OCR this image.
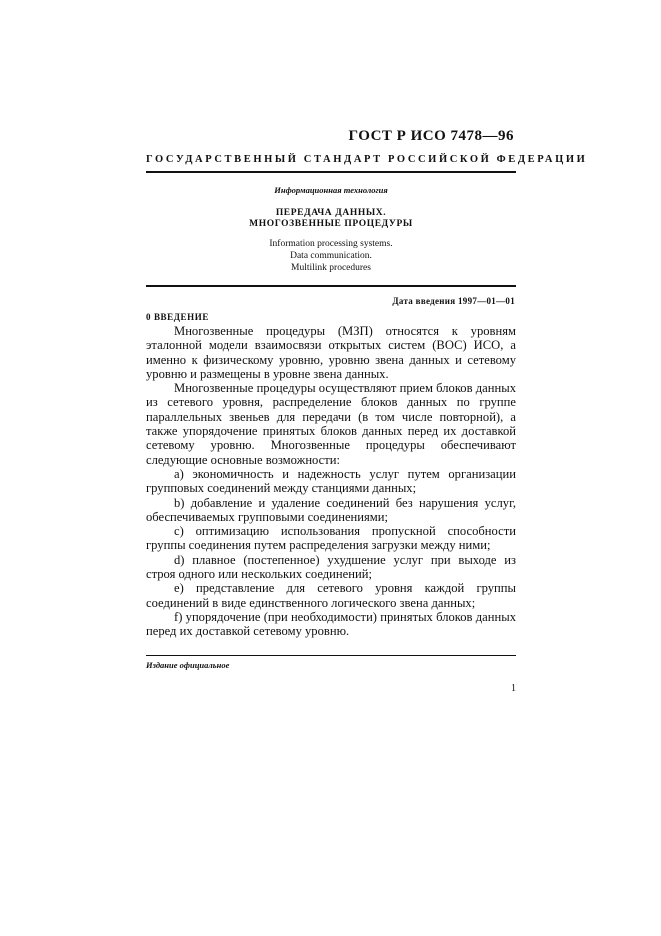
ГОСТ Р ИСО 7478—96
ГОСУДАРСТВЕННЫЙ СТАНДАРТ РОССИЙСКОЙ ФЕДЕРАЦИИ
Информационная технология
ПЕРЕДАЧА ДАННЫХ.
МНОГОЗВЕННЫЕ ПРОЦЕДУРЫ
Information processing systems.
Data communication.
Multilink procedures
Дата введения 1997—01—01
0 ВВЕДЕНИЕ

Многозвенные процедуры (МЗП) относятся к уровням эталонной модели взаимосвязи открытых систем (ВОС) ИСО, а именно к физическому уровню, уровню звена данных и сетевому уровню и размещены в уровне звена данных.

Многозвенные процедуры осуществляют прием блоков данных из сетевого уровня, распределение блоков данных по группе параллельных звеньев для передачи (в том числе повторной), а также упорядочение принятых блоков данных перед их доставкой сетевому уровню. Многозвенные процедуры обеспечивают следующие основные возможности:

а) экономичность и надежность услуг путем организации групповых соединений между станциями данных;

b) добавление и удаление соединений без нарушения услуг, обеспечиваемых групповыми соединениями;

c) оптимизацию использования пропускной способности группы соединения путем распределения загрузки между ними;

d) плавное (постепенное) ухудшение услуг при выходе из строя одного или нескольких соединений;

e) представление для сетевого уровня каждой группы соединений в виде единственного логического звена данных;

f) упорядочение (при необходимости) принятых блоков данных перед их доставкой сетевому уровню.

Издание официальное
1
